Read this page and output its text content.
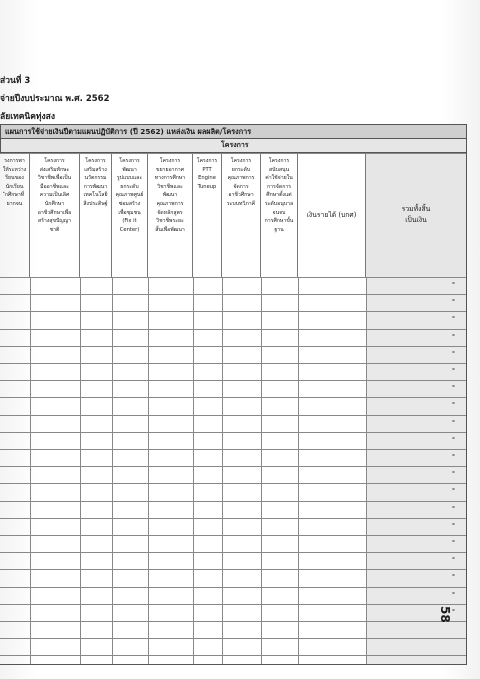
ส่วนที่ 3
จ่ายปีงบประมาณ พ.ศ. 2562
ลัยเทคนิคทุ่งสง
แผนการใช้จ่ายเงินปีตามแผนปฏิบัติการ (ปี 2562) แหล่งเงิน ผลผลิต/โครงการ
โครงการ
รงการพา
ให้ระหว่าง
รียนของ
นักเรียน
ักศึกษาที่
ยากจน
โครงการ
ส่งเสริมทักษะ
วิชาชีพเพื่อเป็น
มืออาชีพและ
ความเป็นเลิศ
นักศึกษา
อาชีวศึกษาเพื่อ
สร้างสุขปัญญา
ชาติ
โครงการ
เสริมสร้าง
นวัตกรรม
การพัฒนา
เทคโนโลยี
สิ่งประดิษฐ์
โครงการ
พัฒนา
รูปแบบและ
ยกระดับ
คุณภาพศูนย์
ซ่อมสร้าง
เพื่อชุมชน
(Fix it
Center)
โครงการ
ขยายอากาศ
ทางการศึกษา
วิชาชีพและ
พัฒนา
คุณภาพการ
จัดหลักสูตร
วิชาชีพระยะ
สั้นเพื่อพัฒนา
โครงการ
PTT
Engine
Tuneup
โครงการ
ยกระดับ
คุณภาพการ
จัดการ
อาชีวศึกษา
ระบบทวิภาคี
โครงการ
สนับสนุน
ค่าใช้จ่ายใน
การจัดการ
ศึกษาตั้งแต่
ระดับอนุบาล
จนจบ
การศึกษาขั้น
ฐาน
เงินรายได้ (บกศ)
รวมทั้งสิ้น
เป็นเงิน
-
-
-
-
-
-
-
-
-
-
-
-
-
-
-
-
-
-
-
-
58
